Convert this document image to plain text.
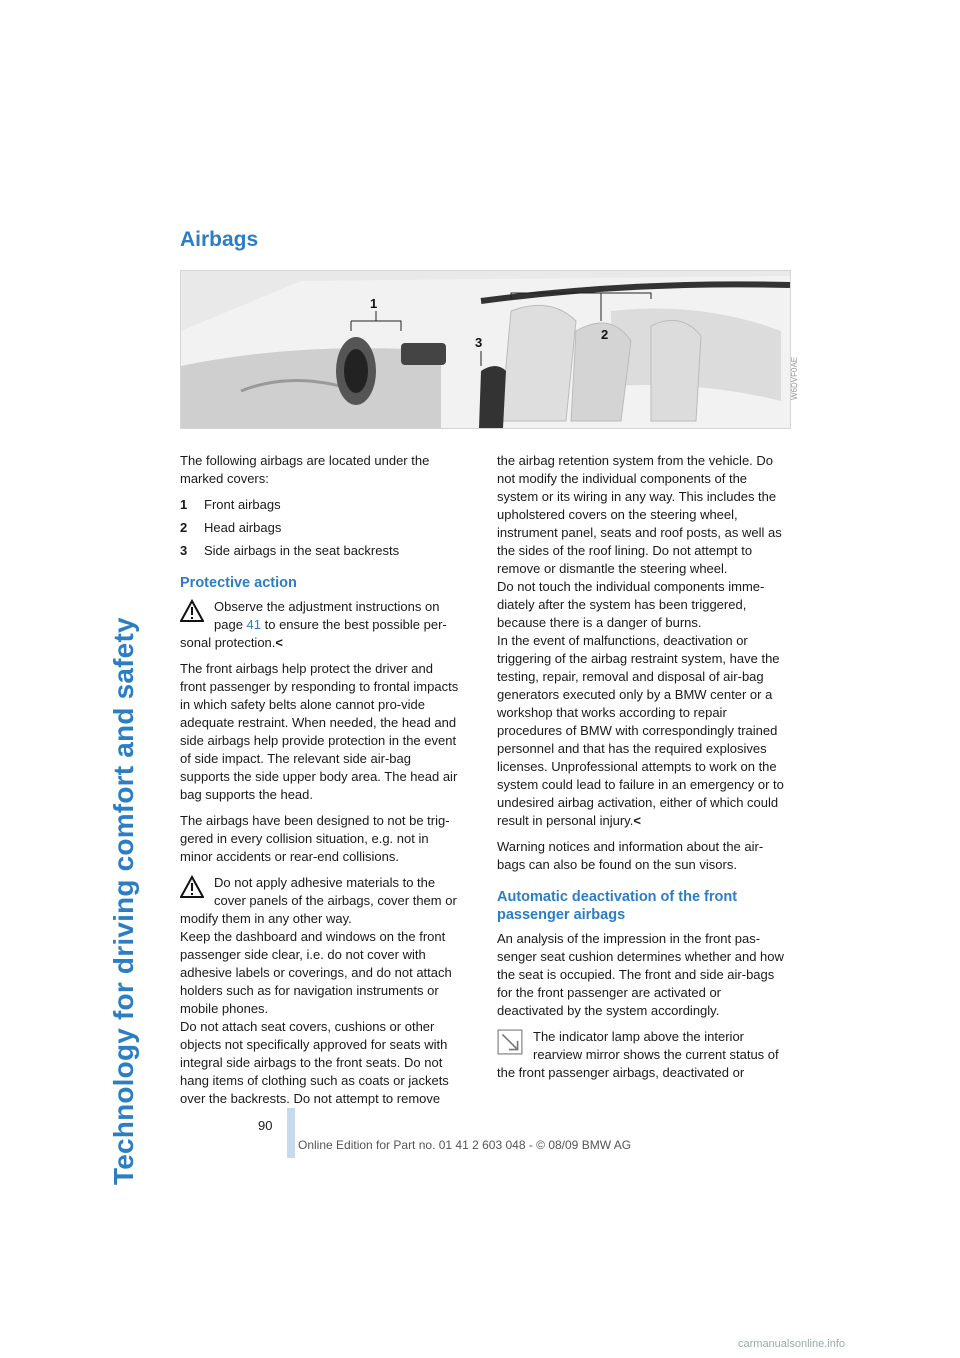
Technology for driving comfort and safety
Airbags
1
2
3
W6DVF0AE

The following airbags are located under the marked covers:

1	Front airbags
2	Head airbags
3	Side airbags in the seat backrests
Protective action
Observe the adjustment instructions on page 41 to ensure the best possible per-sonal protection.<

The front airbags help protect the driver and front passenger by responding to frontal impacts in which safety belts alone cannot pro-vide adequate restraint. When needed, the head and side airbags help provide protection in the event of side impact. The relevant side air-bag supports the side upper body area. The head air bag supports the head.

The airbags have been designed to not be trig-gered in every collision situation, e.g. not in minor accidents or rear-end collisions.

Do not apply adhesive materials to the cover panels of the airbags, cover them or modify them in any other way.
Keep the dashboard and windows on the front passenger side clear, i.e. do not cover with adhesive labels or coverings, and do not attach holders such as for navigation instruments or mobile phones.
Do not attach seat covers, cushions or other objects not specifically approved for seats with integral side airbags to the front seats. Do not hang items of clothing such as coats or jackets over the backrests. Do not attempt to remove
the airbag retention system from the vehicle. Do not modify the individual components of the system or its wiring in any way. This includes the upholstered covers on the steering wheel, instrument panel, seats and roof posts, as well as the sides of the roof lining. Do not attempt to remove or dismantle the steering wheel.
Do not touch the individual components imme-diately after the system has been triggered, because there is a danger of burns.
In the event of malfunctions, deactivation or triggering of the airbag restraint system, have the testing, repair, removal and disposal of air-bag generators executed only by a BMW center or a workshop that works according to repair procedures of BMW with correspondingly trained personnel and that has the required explosives licenses. Unprofessional attempts to work on the system could lead to failure in an emergency or to undesired airbag activation, either of which could result in personal injury.<

Warning notices and information about the air-bags can also be found on the sun visors.

Automatic deactivation of the front passenger airbags

An analysis of the impression in the front pas-senger seat cushion determines whether and how the seat is occupied. The front and side air-bags for the front passenger are activated or deactivated by the system accordingly.

The indicator lamp above the interior rearview mirror shows the current status of the front passenger airbags, deactivated or
90
Online Edition for Part no. 01 41 2 603 048 - © 08/09 BMW AG
carmanualsonline.info
